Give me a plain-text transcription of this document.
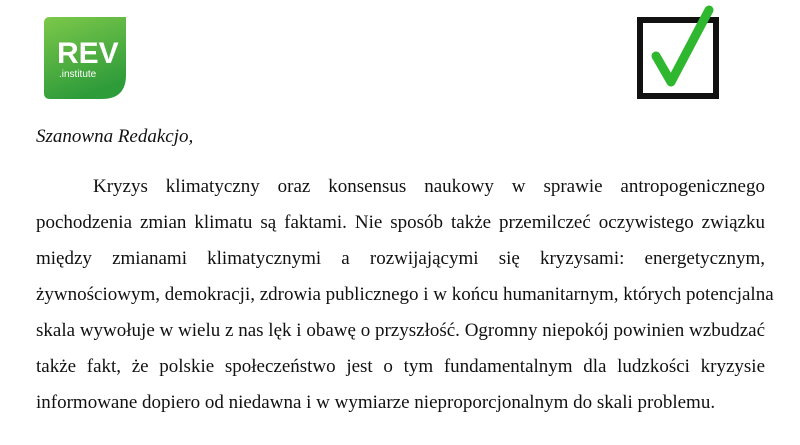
REV
.institute

Szanowna Redakcjo,

Kryzys klimatyczny oraz konsensus naukowy w sprawie antropogenicznego
pochodzenia zmian klimatu są faktami. Nie sposób także przemilczeć oczywistego związku
między zmianami klimatycznymi a rozwijającymi się kryzysami: energetycznym,
żywnościowym, demokracji, zdrowia publicznego i w końcu humanitarnym, których potencjalna
skala wywołuje w wielu z nas lęk i obawę o przyszłość. Ogromny niepokój powinien wzbudzać
także fakt, że polskie społeczeństwo jest o tym fundamentalnym dla ludzkości kryzysie
informowane dopiero od niedawna i w wymiarze nieproporcjonalnym do skali problemu.
